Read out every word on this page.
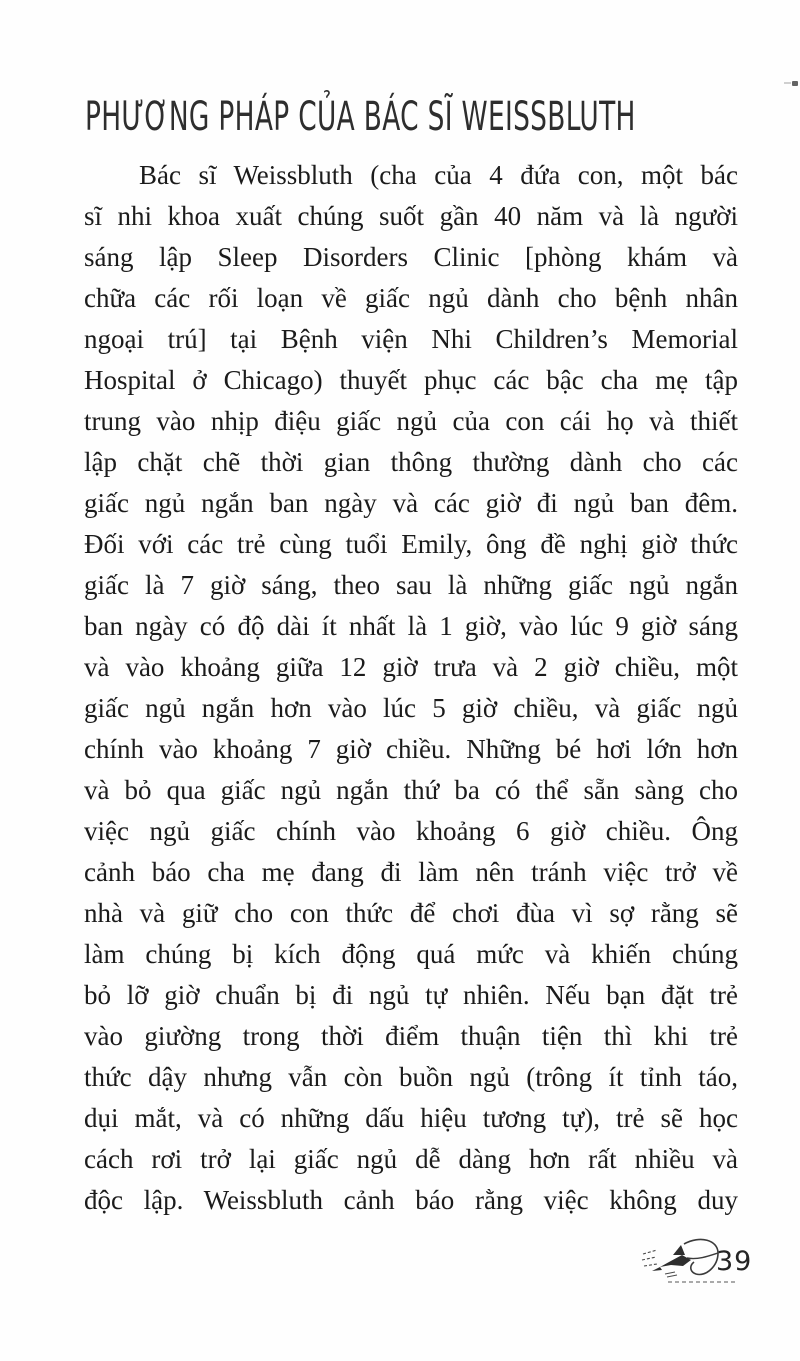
PHƯƠNG PHÁP CỦA BÁC SĨ WEISSBLUTH
Bác sĩ Weissbluth (cha của 4 đứa con, một bác
sĩ nhi khoa xuất chúng suốt gần 40 năm và là người
sáng lập Sleep Disorders Clinic [phòng khám và
chữa các rối loạn về giấc ngủ dành cho bệnh nhân
ngoại trú] tại Bệnh viện Nhi Children’s Memorial
Hospital ở Chicago) thuyết phục các bậc cha mẹ tập
trung vào nhịp điệu giấc ngủ của con cái họ và thiết
lập chặt chẽ thời gian thông thường dành cho các
giấc ngủ ngắn ban ngày và các giờ đi ngủ ban đêm.
Đối với các trẻ cùng tuổi Emily, ông đề nghị giờ thức
giấc là 7 giờ sáng, theo sau là những giấc ngủ ngắn
ban ngày có độ dài ít nhất là 1 giờ, vào lúc 9 giờ sáng
và vào khoảng giữa 12 giờ trưa và 2 giờ chiều, một
giấc ngủ ngắn hơn vào lúc 5 giờ chiều, và giấc ngủ
chính vào khoảng 7 giờ chiều. Những bé hơi lớn hơn
và bỏ qua giấc ngủ ngắn thứ ba có thể sẵn sàng cho
việc ngủ giấc chính vào khoảng 6 giờ chiều. Ông
cảnh báo cha mẹ đang đi làm nên tránh việc trở về
nhà và giữ cho con thức để chơi đùa vì sợ rằng sẽ
làm chúng bị kích động quá mức và khiến chúng
bỏ lỡ giờ chuẩn bị đi ngủ tự nhiên. Nếu bạn đặt trẻ
vào giường trong thời điểm thuận tiện thì khi trẻ
thức dậy nhưng vẫn còn buồn ngủ (trông ít tỉnh táo,
dụi mắt, và có những dấu hiệu tương tự), trẻ sẽ học
cách rơi trở lại giấc ngủ dễ dàng hơn rất nhiều và
độc lập. Weissbluth cảnh báo rằng việc không duy
39
